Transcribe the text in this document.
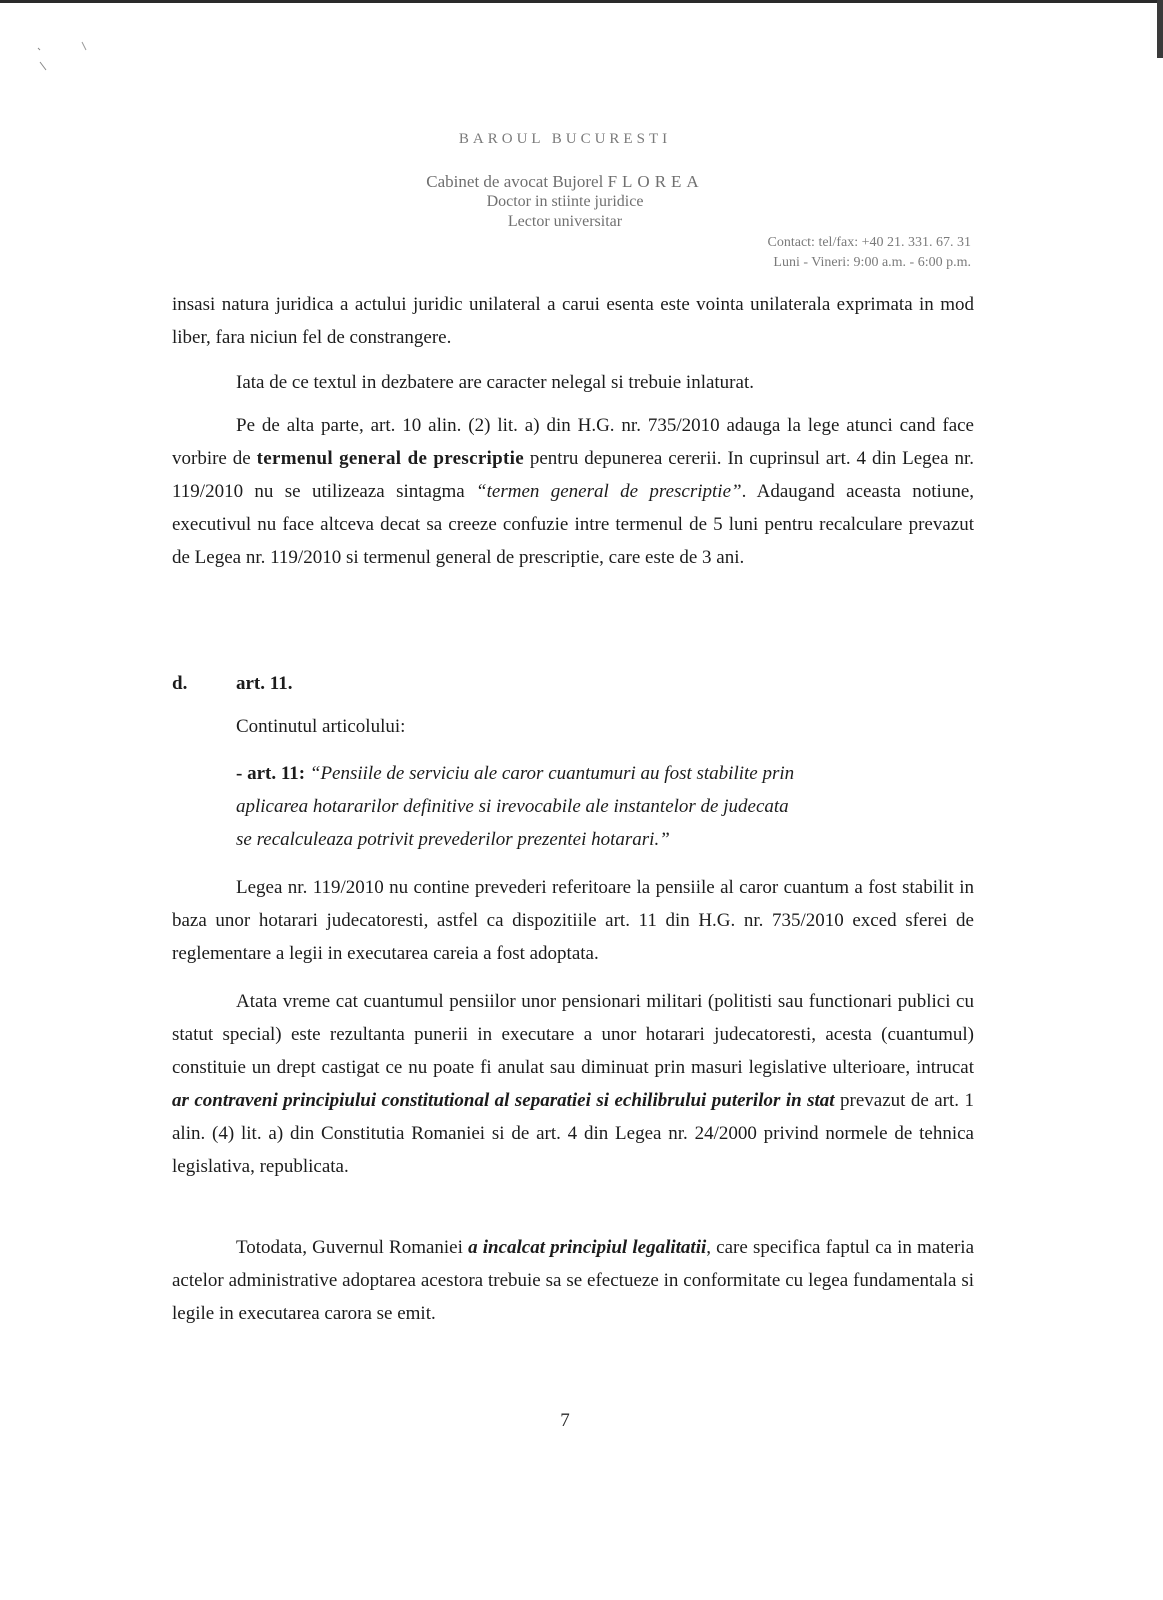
BAROUL BUCURESTI
Cabinet de avocat Bujorel FLOREA
Doctor in stiinte juridice
Lector universitar
Contact: tel/fax: +40 21. 331. 67. 31
Luni - Vineri: 9:00 a.m. - 6:00 p.m.

insasi natura juridica a actului juridic unilateral a carui esenta este vointa unilaterala exprimata in mod liber, fara niciun fel de constrangere.

Iata de ce textul in dezbatere are caracter nelegal si trebuie inlaturat.

Pe de alta parte, art. 10 alin. (2) lit. a) din H.G. nr. 735/2010 adauga la lege atunci cand face vorbire de termenul general de prescriptie pentru depunerea cererii. In cuprinsul art. 4 din Legea nr. 119/2010 nu se utilizeaza sintagma “termen general de prescriptie”. Adaugand aceasta notiune, executivul nu face altceva decat sa creeze confuzie intre termenul de 5 luni pentru recalculare prevazut de Legea nr. 119/2010 si termenul general de prescriptie, care este de 3 ani.

d.	art. 11.
Continutul articolului:
- art. 11: “Pensiile de serviciu ale caror cuantumuri au fost stabilite prin
aplicarea hotararilor definitive si irevocabile ale instantelor de judecata
se recalculeaza potrivit prevederilor prezentei hotarari.”

Legea nr. 119/2010 nu contine prevederi referitoare la pensiile al caror cuantum a fost stabilit in baza unor hotarari judecatoresti, astfel ca dispozitiile art. 11 din H.G. nr. 735/2010 exced sferei de reglementare a legii in executarea careia a fost adoptata.

Atata vreme cat cuantumul pensiilor unor pensionari militari (politisti sau functionari publici cu statut special) este rezultanta punerii in executare a unor hotarari judecatoresti, acesta (cuantumul) constituie un drept castigat ce nu poate fi anulat sau diminuat prin masuri legislative ulterioare, intrucat ar contraveni principiului constitutional al separatiei si echilibrului puterilor in stat prevazut de art. 1 alin. (4) lit. a) din Constitutia Romaniei si de art. 4 din Legea nr. 24/2000 privind normele de tehnica legislativa, republicata.

Totodata, Guvernul Romaniei a incalcat principiul legalitatii, care specifica faptul ca in materia actelor administrative adoptarea acestora trebuie sa se efectueze in conformitate cu legea fundamentala si legile in executarea carora se emit.

7
